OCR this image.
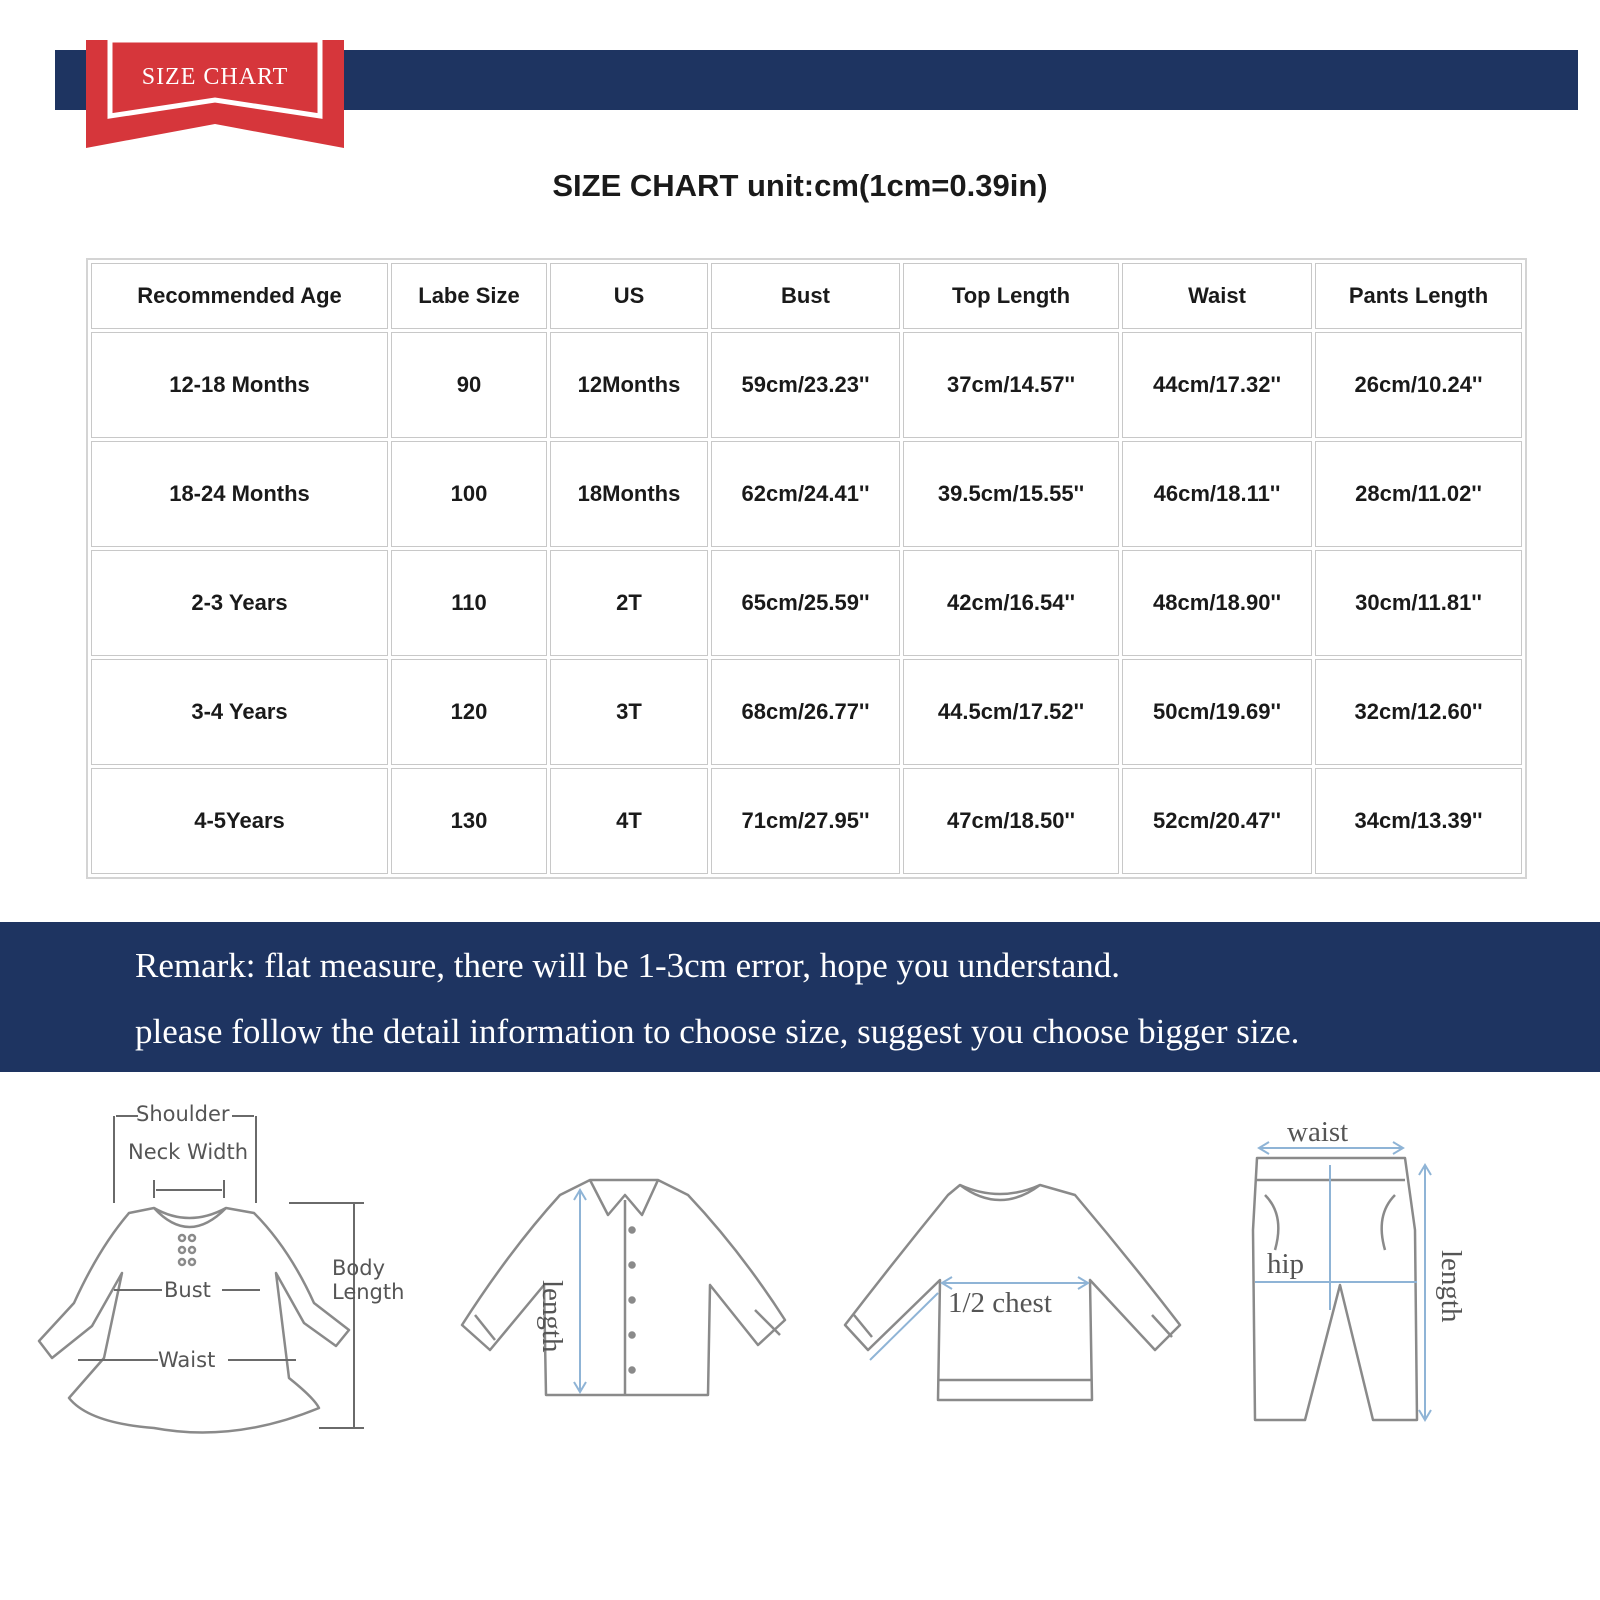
SIZE CHART
SIZE CHART unit:cm(1cm=0.39in)
Recommended Age	Labe Size	US	Bust	Top Length	Waist	Pants Length
12-18 Months	90	12Months	59cm/23.23''	37cm/14.57''	44cm/17.32''	26cm/10.24''
18-24 Months	100	18Months	62cm/24.41''	39.5cm/15.55''	46cm/18.11''	28cm/11.02''
2-3 Years	110	2T	65cm/25.59''	42cm/16.54''	48cm/18.90''	30cm/11.81''
3-4 Years	120	3T	68cm/26.77''	44.5cm/17.52''	50cm/19.69''	32cm/12.60''
4-5Years	130	4T	71cm/27.95''	47cm/18.50''	52cm/20.47''	34cm/13.39''
Remark: flat measure, there will be 1-3cm error, hope you understand.
please follow the detail information to choose size, suggest you choose bigger size.
Shoulder
Neck Width
Bust
Waist
Body
Length	length	1/2 chest
waist
hip	length
